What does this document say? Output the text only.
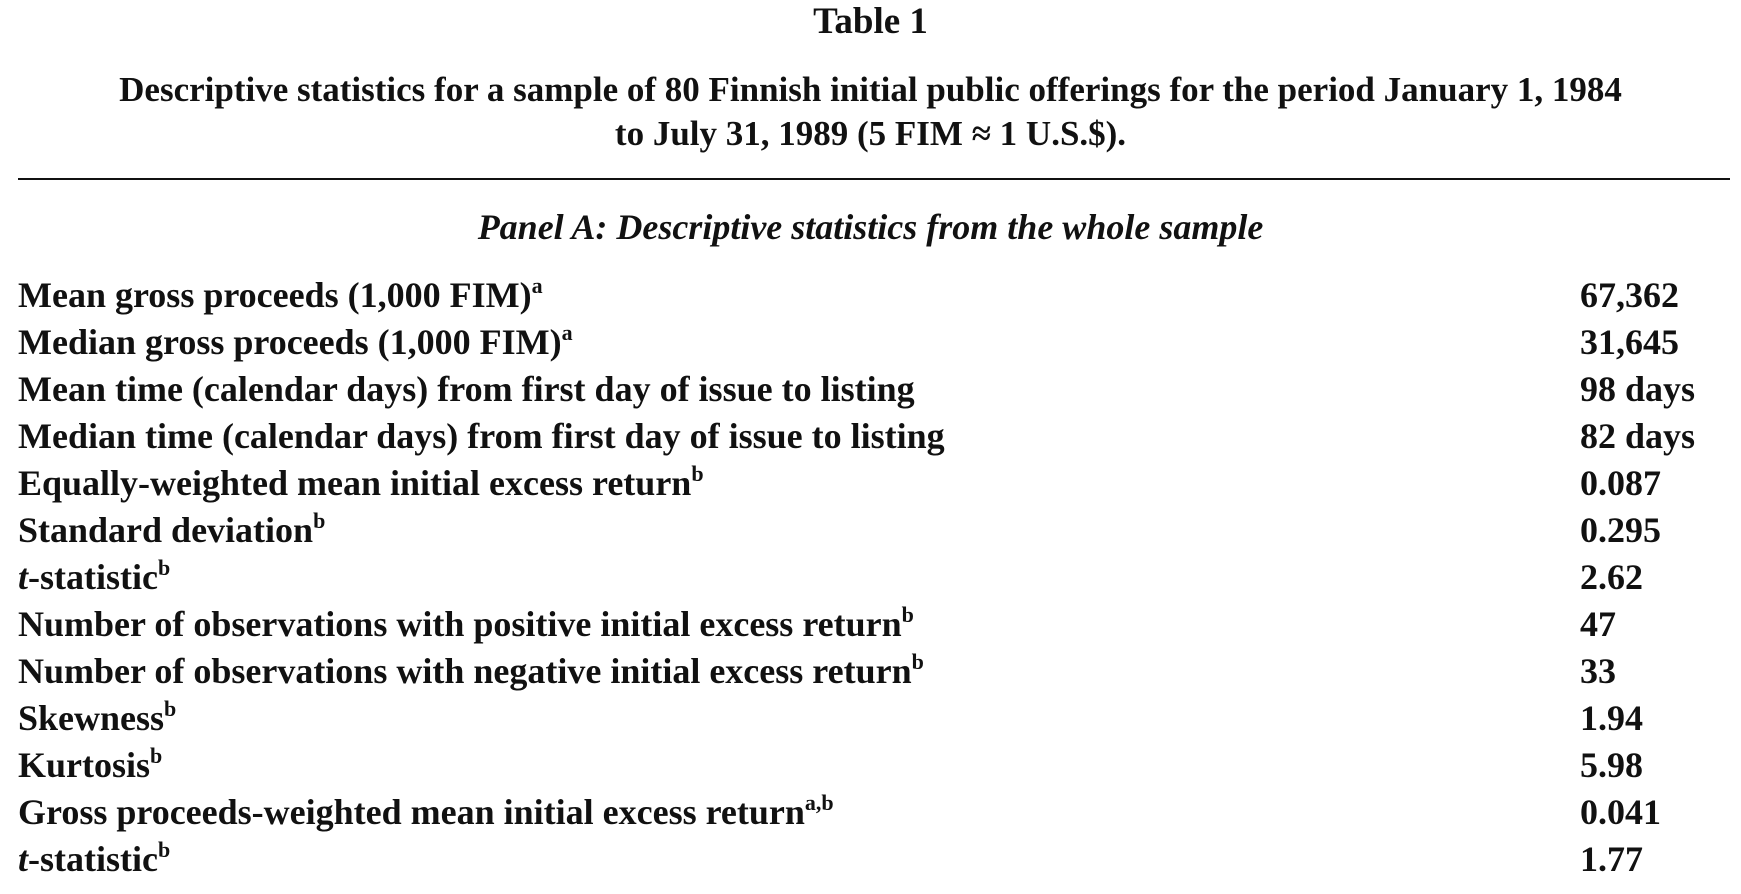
Table 1
Descriptive statistics for a sample of 80 Finnish initial public offerings for the period January 1, 1984
to July 31, 1989 (5 FIM ≈ 1 U.S.$).
Panel A: Descriptive statistics from the whole sample
Mean gross proceeds (1,000 FIM)$^a$	67,362
Median gross proceeds (1,000 FIM)$^a$	31,645
Mean time (calendar days) from first day of issue to listing	98 days
Median time (calendar days) from first day of issue to listing	82 days
Equally-weighted mean initial excess return$^b$	0.087
Standard deviation$^b$	0.295
t-statistic$^b$	2.62
Number of observations with positive initial excess return$^b$	47
Number of observations with negative initial excess return$^b$	33
Skewness$^b$	1.94
Kurtosis$^b$	5.98
Gross proceeds-weighted mean initial excess return$^{a,b}$	0.041
t-statistic$^b$	1.77
